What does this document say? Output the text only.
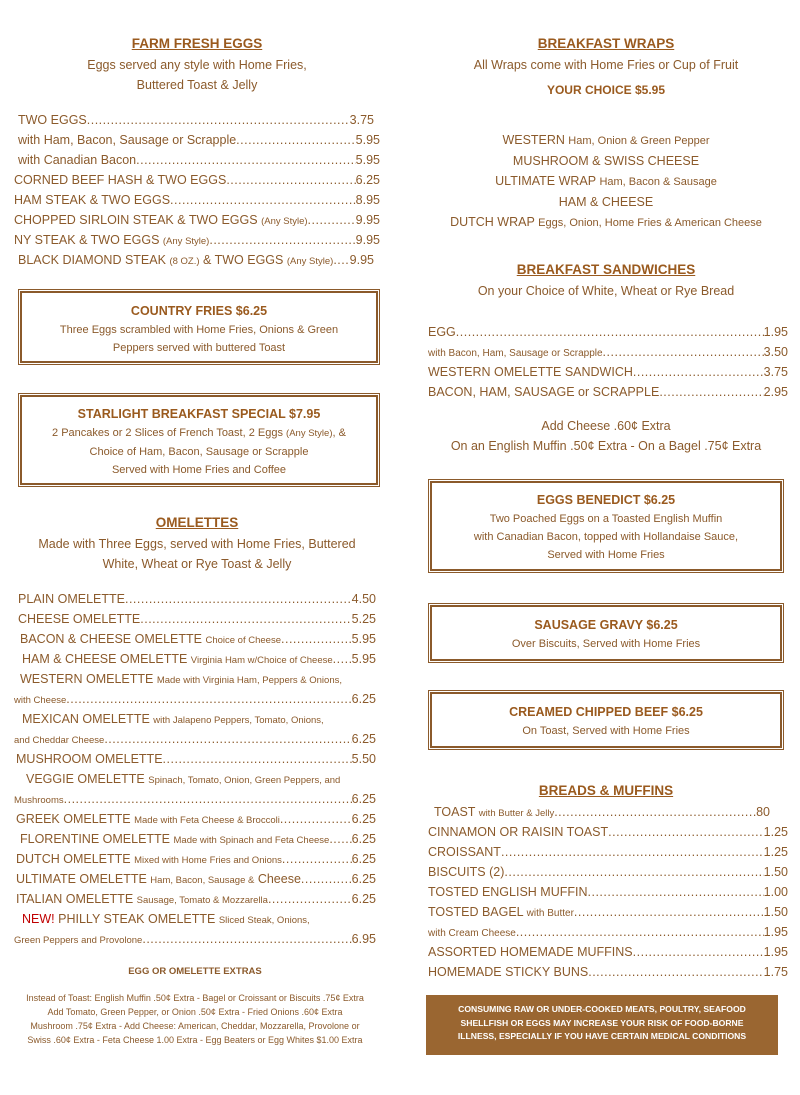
FARM FRESH EGGS
Eggs served any style with Home Fries,
Buttered Toast & Jelly
TWO EGGS .....	3.75
with Ham, Bacon, Sausage or Scrapple .....	5.95
with Canadian Bacon .....	5.95
CORNED BEEF HASH & TWO EGGS .....	6.25
HAM STEAK & TWO EGGS .....	8.95
CHOPPED SIRLOIN STEAK & TWO EGGS (Any Style) .....	9.95
NY STEAK & TWO EGGS (Any Style) .....	9.95
BLACK DIAMOND STEAK (8 OZ.) & TWO EGGS (Any Style) ..... 9.95
COUNTRY FRIES $6.25
Three Eggs scrambled with Home Fries, Onions & Green
Peppers served with buttered Toast
STARLIGHT BREAKFAST SPECIAL $7.95
2 Pancakes or 2 Slices of French Toast, 2 Eggs (Any Style), &
Choice of Ham, Bacon, Sausage or Scrapple
Served with Home Fries and Coffee
OMELETTES
Made with Three Eggs, served with Home Fries, Buttered
White, Wheat or Rye Toast & Jelly
PLAIN OMELETTE .....	4.50
CHEESE OMELETTE .....	5.25
BACON & CHEESE OMELETTE Choice of Cheese .....	5.95
HAM & CHEESE OMELETTE Virginia Ham w/Choice of Cheese ..... 5.95
WESTERN OMELETTE Made with Virginia Ham, Peppers & Onions,
with Cheese .....	6.25
MEXICAN OMELETTE with Jalapeno Peppers, Tomato, Onions,
and Cheddar Cheese .....	6.25
MUSHROOM OMELETTE .....	5.50
VEGGIE OMELETTE Spinach, Tomato, Onion, Green Peppers, and
Mushrooms .....	6.25
GREEK OMELETTE Made with Feta Cheese & Broccoli .....	6.25
FLORENTINE OMELETTE Made with Spinach and Feta Cheese ..... 6.25
DUTCH OMELETTE Mixed with Home Fries and Onions .....	6.25
ULTIMATE OMELETTE Ham, Bacon, Sausage & Cheese .....	6.25
ITALIAN OMELETTE Sausage, Tomato & Mozzarella .....	6.25
NEW! PHILLY STEAK OMELETTE Sliced Steak, Onions,
Green Peppers and Provolone .....	6.95
EGG OR OMELETTE EXTRAS
Instead of Toast: English Muffin .50¢ Extra - Bagel or Croissant or Biscuits .75¢ Extra
Add Tomato, Green Pepper, or Onion .50¢ Extra - Fried Onions .60¢ Extra
Mushroom .75¢ Extra - Add Cheese: American, Cheddar, Mozzarella, Provolone or
Swiss .60¢ Extra - Feta Cheese 1.00 Extra - Egg Beaters or Egg Whites $1.00 Extra
BREAKFAST WRAPS
All Wraps come with Home Fries or Cup of Fruit
YOUR CHOICE $5.95
WESTERN Ham, Onion & Green Pepper
MUSHROOM & SWISS CHEESE
ULTIMATE WRAP Ham, Bacon & Sausage
HAM & CHEESE
DUTCH WRAP Eggs, Onion, Home Fries & American Cheese
BREAKFAST SANDWICHES
On your Choice of White, Wheat or Rye Bread
EGG .....	1.95
with Bacon, Ham, Sausage or Scrapple .....	3.50
WESTERN OMELETTE SANDWICH .....	3.75
BACON, HAM, SAUSAGE or SCRAPPLE .....	2.95
Add Cheese .60¢ Extra
On an English Muffin .50¢ Extra - On a Bagel .75¢ Extra
EGGS BENEDICT $6.25
Two Poached Eggs on a Toasted English Muffin
with Canadian Bacon, topped with Hollandaise Sauce,
Served with Home Fries
SAUSAGE GRAVY $6.25
Over Biscuits, Served with Home Fries
CREAMED CHIPPED BEEF $6.25
On Toast, Served with Home Fries
BREADS & MUFFINS
TOAST with Butter & Jelly .....	80
CINNAMON OR RAISIN TOAST .....	1.25
CROISSANT .....	1.25
BISCUITS (2) .....	1.50
TOSTED ENGLISH MUFFIN .....	1.00
TOSTED BAGEL with Butter .....	1.50
with Cream Cheese .....	1.95
ASSORTED HOMEMADE MUFFINS .....	1.95
HOMEMADE STICKY BUNS .....	1.75
CONSUMING RAW OR UNDER-COOKED MEATS, POULTRY, SEAFOOD
SHELLFISH OR EGGS MAY INCREASE YOUR RISK OF FOOD-BORNE
ILLNESS, ESPECIALLY IF YOU HAVE CERTAIN MEDICAL CONDITIONS
